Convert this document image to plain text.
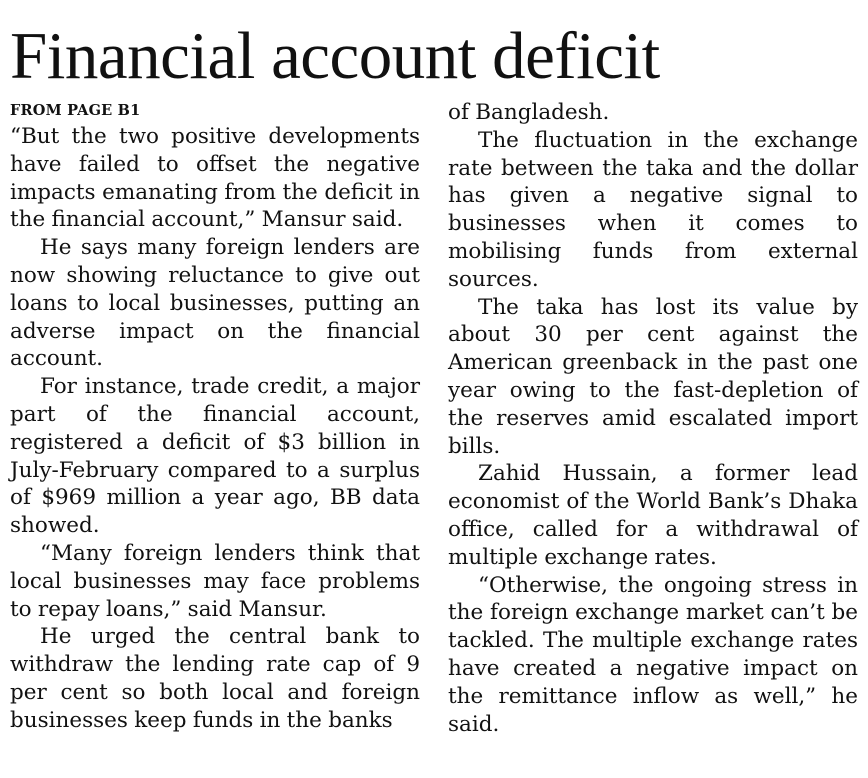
Financial account deficit
FROM PAGE B1

“But the two positive developments have failed to offset the negative impacts emanating from the deficit in the financial account,” Mansur said.

He says many foreign lenders are now showing reluctance to give out loans to local businesses, putting an adverse impact on the financial account.

For instance, trade credit, a major part of the financial account, registered a deficit of $3 billion in July-February compared to a surplus of $969 million a year ago, BB data showed.

“Many foreign lenders think that local businesses may face problems to repay loans,” said Mansur.

He urged the central bank to withdraw the lending rate cap of 9 per cent so both local and foreign businesses keep funds in the banks

of Bangladesh.

The fluctuation in the exchange rate between the taka and the dollar has given a negative signal to businesses when it comes to mobilising funds from external sources.

The taka has lost its value by about 30 per cent against the American greenback in the past one year owing to the fast-depletion of the reserves amid escalated import bills.

Zahid Hussain, a former lead economist of the World Bank’s Dhaka office, called for a withdrawal of multiple exchange rates.

“Otherwise, the ongoing stress in the foreign exchange market can’t be tackled. The multiple exchange rates have created a negative impact on the remittance inflow as well,” he said.
